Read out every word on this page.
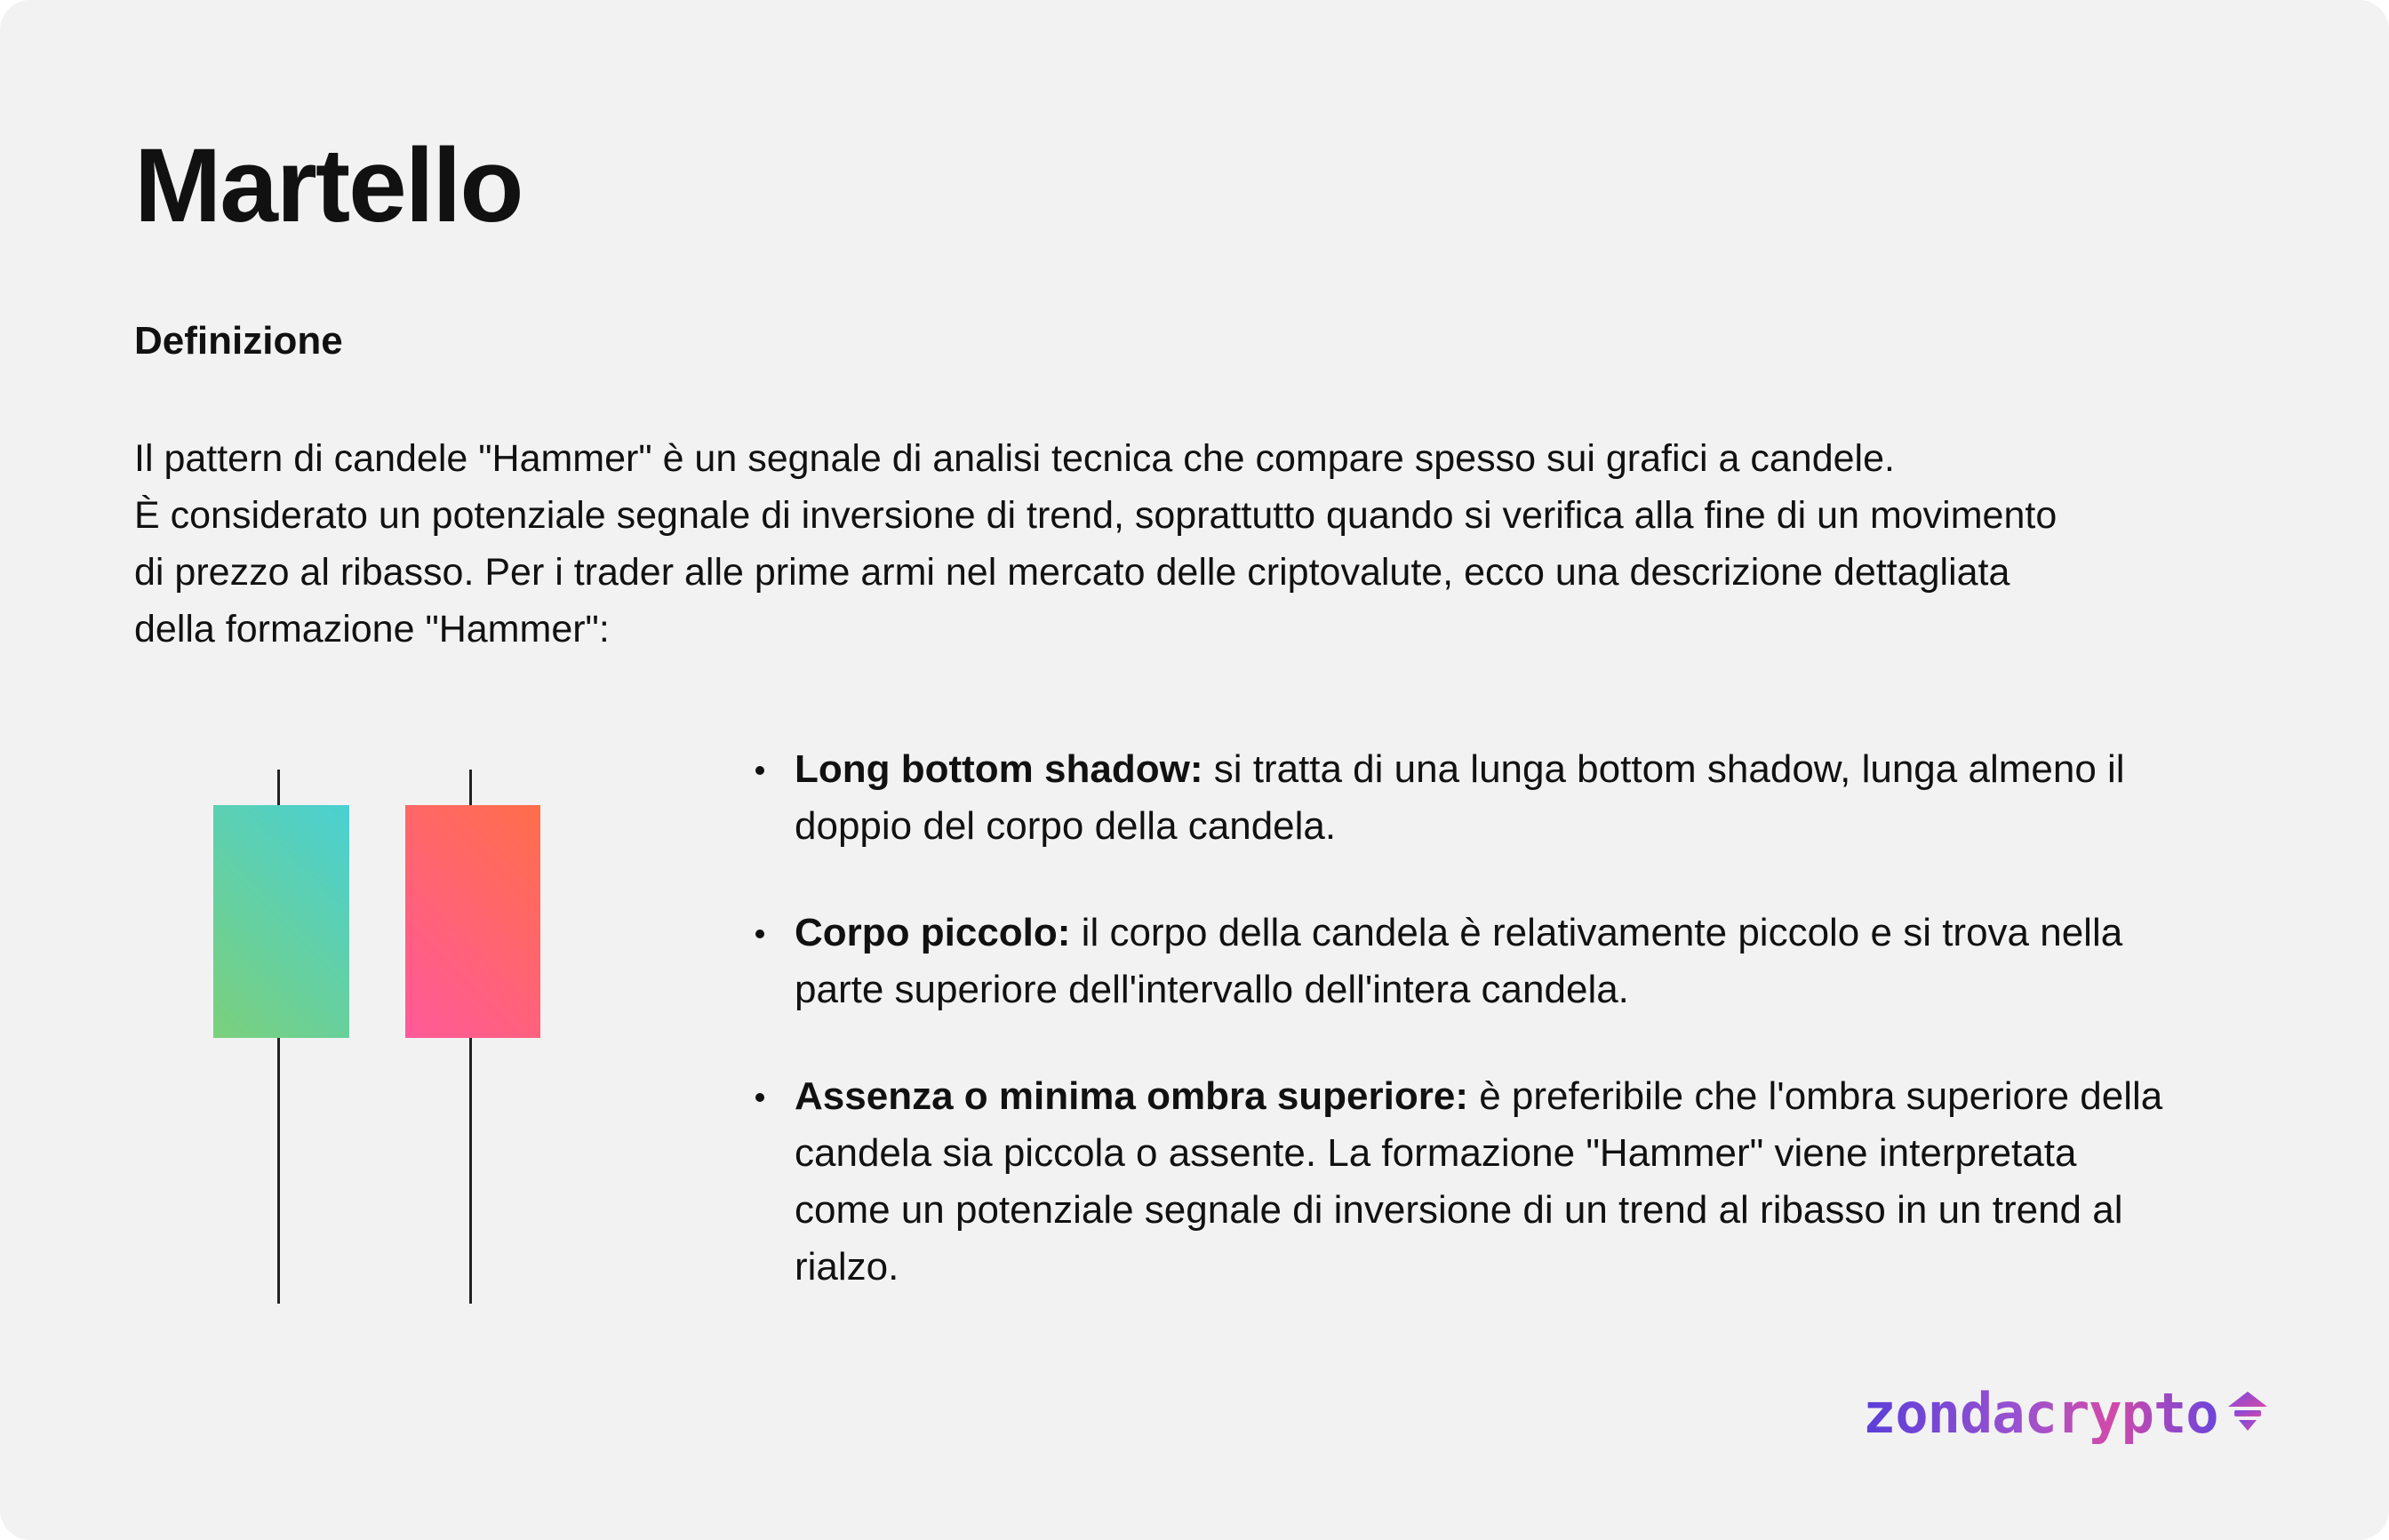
Martello
Definizione

Il pattern di candele "Hammer" è un segnale di analisi tecnica che compare spesso sui grafici a candele.
È considerato un potenziale segnale di inversione di trend, soprattutto quando si verifica alla fine di un movimento
di prezzo al ribasso. Per i trader alle prime armi nel mercato delle criptovalute, ecco una descrizione dettagliata
della formazione "Hammer":

Long bottom shadow: si tratta di una lunga bottom shadow, lunga almeno il
doppio del corpo della candela.
Corpo piccolo: il corpo della candela è relativamente piccolo e si trova nella
parte superiore dell'intervallo dell'intera candela.
Assenza o minima ombra superiore: è preferibile che l'ombra superiore della
candela sia piccola o assente. La formazione "Hammer" viene interpretata
come un potenziale segnale di inversione di un trend al ribasso in un trend al
rialzo.
zondacrypto
